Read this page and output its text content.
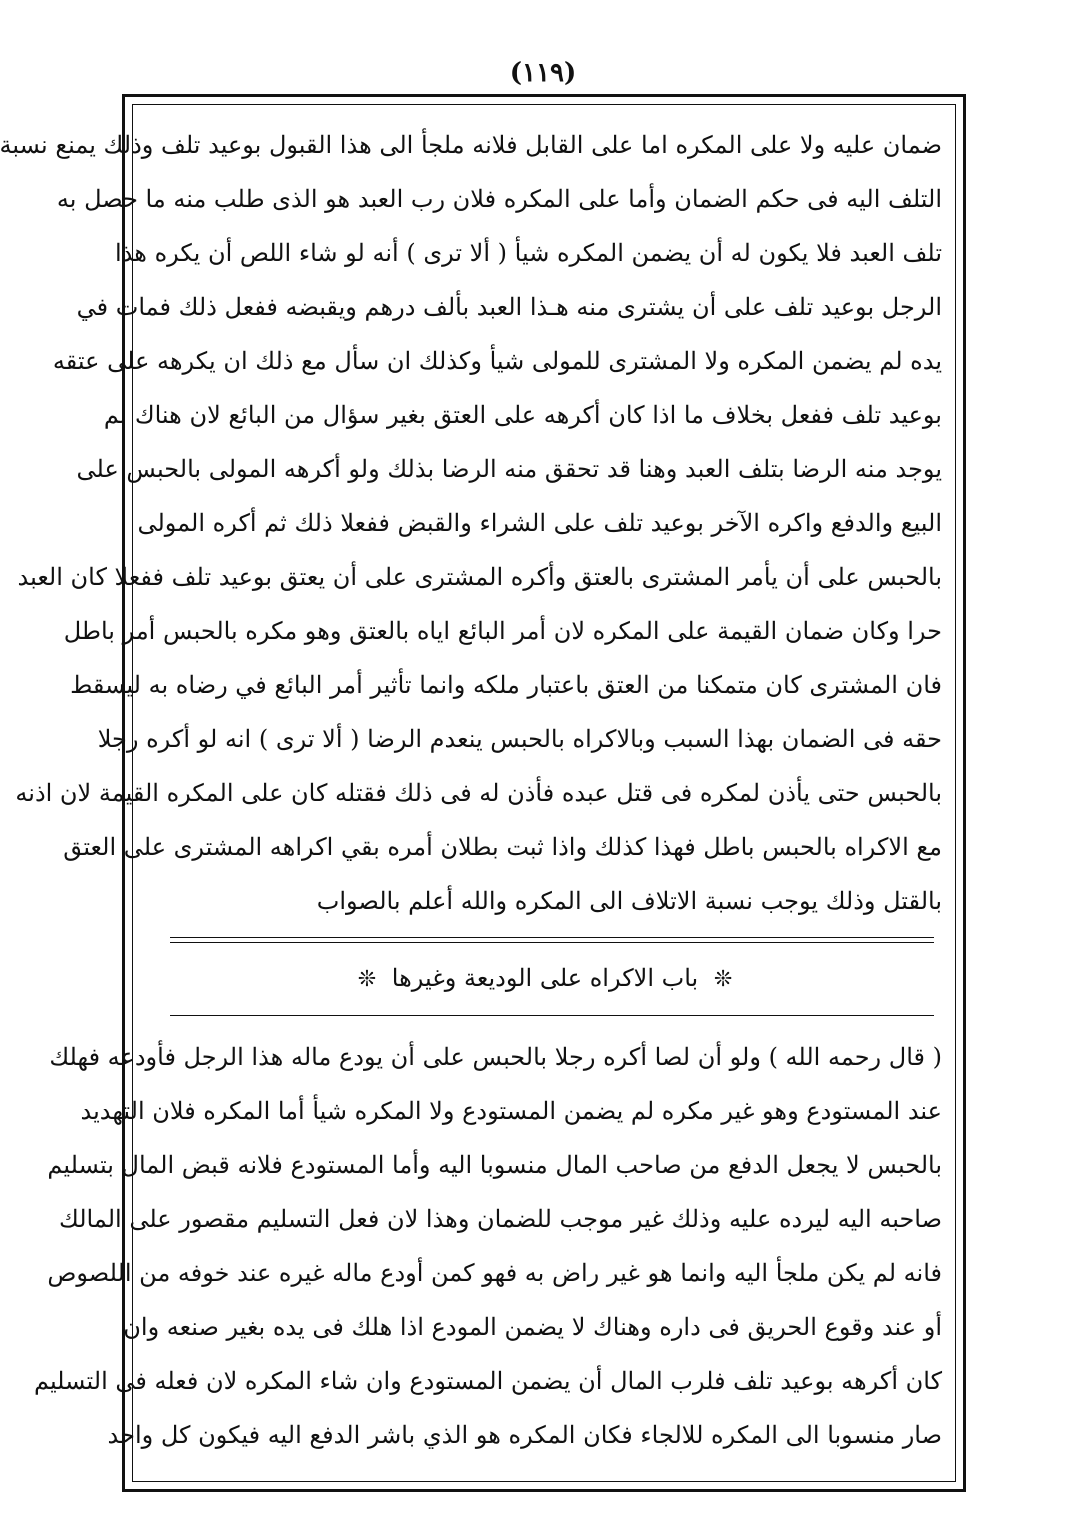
(١١٩)
ضمان عليه ولا على المكره اما على القابل فلانه ملجأ الى هذا القبول بوعيد تلف وذلك يمنع نسبة
التلف اليه فى حكم الضمان وأما على المكره فلان رب العبد هو الذى طلب منه ما حصل به
تلف العبد فلا يكون له أن يضمن المكره شيأ ( ألا ترى ) أنه لو شاء اللص أن يكره هذا
الرجل بوعيد تلف على أن يشترى منه هـذا العبد بألف درهم ويقبضه ففعل ذلك فمات في
يده لم يضمن المكره ولا المشترى للمولى شيأ وكذلك ان سأل مع ذلك ان يكرهه على عتقه
بوعيد تلف ففعل بخلاف ما اذا كان أكرهه على العتق بغير سؤال من البائع لان هناك لم
يوجد منه الرضا بتلف العبد وهنا قد تحقق منه الرضا بذلك ولو أكرهه المولى بالحبس على
البيع والدفع واكره الآخر بوعيد تلف على الشراء والقبض ففعلا ذلك ثم أكره المولى
بالحبس على أن يأمر المشترى بالعتق وأكره المشترى على أن يعتق بوعيد تلف ففعلا كان العبد
حرا وكان ضمان القيمة على المكره لان أمر البائع اياه بالعتق وهو مكره بالحبس أمر باطل
فان المشترى كان متمكنا من العتق باعتبار ملكه وانما تأثير أمر البائع في رضاه به ليسقط
حقه فى الضمان بهذا السبب وبالاكراه بالحبس ينعدم الرضا ( ألا ترى ) انه لو أكره رجلا
بالحبس حتى يأذن لمكره فى قتل عبده فأذن له فى ذلك فقتله كان على المكره القيمة لان اذنه
مع الاكراه بالحبس باطل فهذا كذلك واذا ثبت بطلان أمره بقي اكراهه المشترى على العتق
بالقتل وذلك يوجب نسبة الاتلاف الى المكره والله أعلم بالصواب
❊ باب الاكراه على الوديعة وغيرها ❊
( قال رحمه الله ) ولو أن لصا أكره رجلا بالحبس على أن يودع ماله هذا الرجل فأودعه فهلك
عند المستودع وهو غير مكره لم يضمن المستودع ولا المكره شيأ أما المكره فلان التهديد
بالحبس لا يجعل الدفع من صاحب المال منسوبا اليه وأما المستودع فلانه قبض المال بتسليم
صاحبه اليه ليرده عليه وذلك غير موجب للضمان وهذا لان فعل التسليم مقصور على المالك
فانه لم يكن ملجأ اليه وانما هو غير راض به فهو كمن أودع ماله غيره عند خوفه من اللصوص
أو عند وقوع الحريق فى داره وهناك لا يضمن المودع اذا هلك فى يده بغير صنعه وان
كان أكرهه بوعيد تلف فلرب المال أن يضمن المستودع وان شاء المكره لان فعله فى التسليم
صار منسوبا الى المكره للالجاء فكان المكره هو الذي باشر الدفع اليه فيكون كل واحد
